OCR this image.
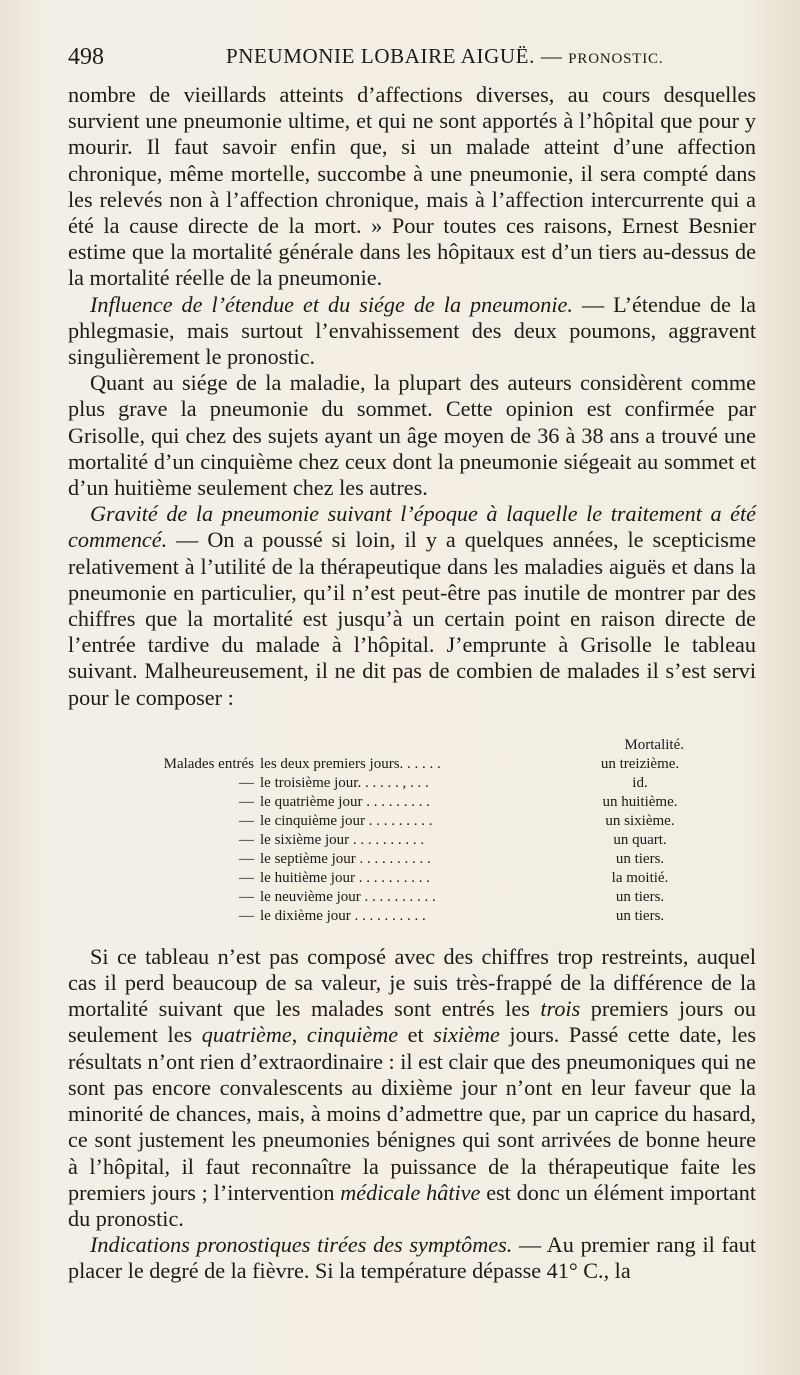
498	PNEUMONIE LOBAIRE AIGUË. — PRONOSTIC.

nombre de vieillards atteints d’affections diverses, au cours desquelles survient une pneumonie ultime, et qui ne sont apportés à l’hôpital que pour y mourir. Il faut savoir enfin que, si un malade atteint d’une affection chronique, même mortelle, succombe à une pneumonie, il sera compté dans les relevés non à l’affection chronique, mais à l’affection intercurrente qui a été la cause directe de la mort. » Pour toutes ces raisons, Ernest Besnier estime que la mortalité générale dans les hôpitaux est d’un tiers au-dessus de la mortalité réelle de la pneumonie.

Influence de l’étendue et du siége de la pneumonie. — L’étendue de la phlegmasie, mais surtout l’envahissement des deux poumons, aggravent singulièrement le pronostic.

Quant au siége de la maladie, la plupart des auteurs considèrent comme plus grave la pneumonie du sommet. Cette opinion est confirmée par Grisolle, qui chez des sujets ayant un âge moyen de 36 à 38 ans a trouvé une mortalité d’un cinquième chez ceux dont la pneumonie siégeait au sommet et d’un huitième seulement chez les autres.

Gravité de la pneumonie suivant l’époque à laquelle le traitement a été commencé. — On a poussé si loin, il y a quelques années, le scepticisme relativement à l’utilité de la thérapeutique dans les maladies aiguës et dans la pneumonie en particulier, qu’il n’est peut-être pas inutile de montrer par des chiffres que la mortalité est jusqu’à un certain point en raison directe de l’entrée tardive du malade à l’hôpital. J’emprunte à Grisolle le tableau suivant. Malheureusement, il ne dit pas de combien de malades il s’est servi pour le composer :

Mortalité.
Malades entrés les deux premiers jours. . . . . .	un treizième.
— le troisième jour. . . . . . , . . .	id.
— le quatrième jour . . . . . . . . .	un huitième.
— le cinquième jour . . . . . . . . .	un sixième.
— le sixième jour . . . . . . . . . .	un quart.
— le septième jour . . . . . . . . . .	un tiers.
— le huitième jour . . . . . . . . . .	la moitié.
— le neuvième jour . . . . . . . . . .	un tiers.
— le dixième jour . . . . . . . . . .	un tiers.

Si ce tableau n’est pas composé avec des chiffres trop restreints, auquel cas il perd beaucoup de sa valeur, je suis très-frappé de la différence de la mortalité suivant que les malades sont entrés les trois premiers jours ou seulement les quatrième, cinquième et sixième jours. Passé cette date, les résultats n’ont rien d’extraordinaire : il est clair que des pneumoniques qui ne sont pas encore convalescents au dixième jour n’ont en leur faveur que la minorité de chances, mais, à moins d’admettre que, par un caprice du hasard, ce sont justement les pneumonies bénignes qui sont arrivées de bonne heure à l’hôpital, il faut reconnaître la puissance de la thérapeutique faite les premiers jours ; l’intervention médicale hâtive est donc un élément important du pronostic.

Indications pronostiques tirées des symptômes. — Au premier rang il faut placer le degré de la fièvre. Si la température dépasse 41° C., la
